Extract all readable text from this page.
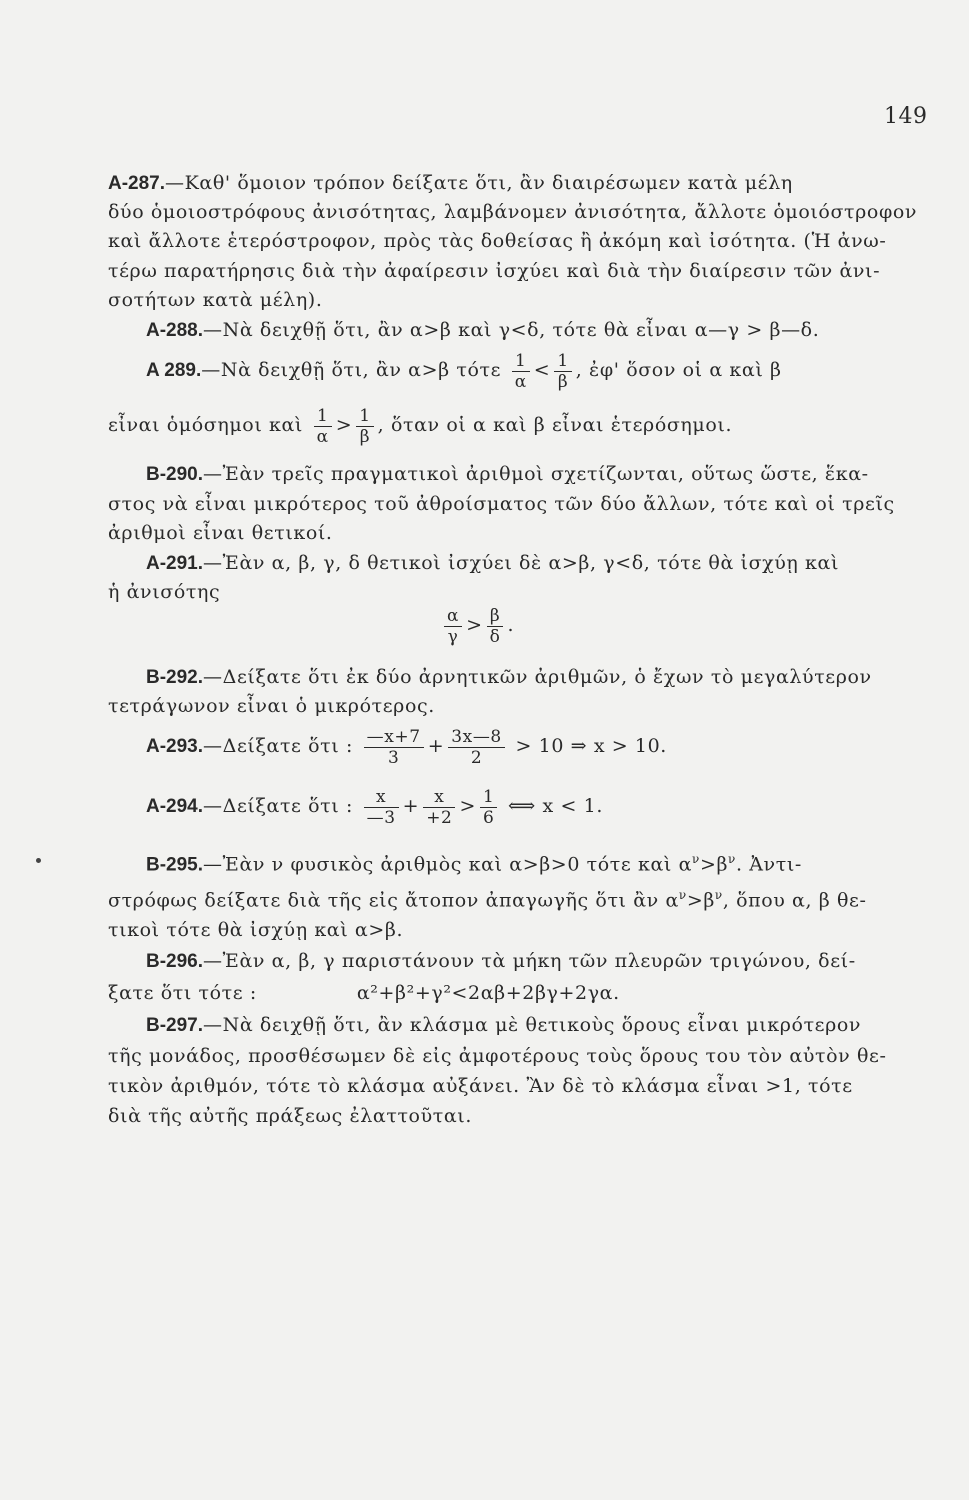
149
A-287.—Καθ' ὅμοιον τρόπον δείξατε ὅτι, ἂν διαιρέσωμεν κατὰ μέλη
δύο ὁμοιοστρόφους ἀνισότητας, λαμβάνομεν ἀνισότητα, ἄλλοτε ὁμοιόστροφον
καὶ ἄλλοτε ἑτερόστροφον, πρὸς τὰς δοθείσας ἢ ἀκόμη καὶ ἰσότητα. (Ἡ ἀνω-
τέρω παρατήρησις διὰ τὴν ἀφαίρεσιν ἰσχύει καὶ διὰ τὴν διαίρεσιν τῶν ἀνι-
σοτήτων κατὰ μέλη).
A-288.—Νὰ δειχθῇ ὅτι, ἂν α>β καὶ γ<δ, τότε θὰ εἶναι α—γ > β—δ.
A 289.—Νὰ δειχθῇ ὅτι, ἂν α>β τότε $\frac{1}{\alpha} < \frac{1}{\beta}$ , ἐφ' ὅσον οἱ α καὶ β
εἶναι ὁμόσημοι καὶ $\frac{1}{\alpha} > \frac{1}{\beta}$ , ὅταν οἱ α καὶ β εἶναι ἑτερόσημοι.
B-290.—Ἐὰν τρεῖς πραγματικοὶ ἀριθμοὶ σχετίζωνται, οὕτως ὥστε, ἕκα-
στος νὰ εἶναι μικρότερος τοῦ ἀθροίσματος τῶν δύο ἄλλων, τότε καὶ οἱ τρεῖς
ἀριθμοὶ εἶναι θετικοί.
A-291.—Ἐὰν α, β, γ, δ θετικοὶ ἰσχύει δὲ α>β, γ<δ, τότε θὰ ἰσχύῃ καὶ
ἡ ἀνισότης
$\frac{\alpha}{\gamma} > \frac{\beta}{\delta}$ .
B-292.—Δείξατε ὅτι ἐκ δύο ἀρνητικῶν ἀριθμῶν, ὁ ἔχων τὸ μεγαλύτερον
τετράγωνον εἶναι ὁ μικρότερος.
A-293.—Δείξατε ὅτι : $\frac{—x+7}{3} + \frac{3x—8}{2} > 10$ ⇒ x > 10.
A-294.—Δείξατε ὅτι : $\frac{x}{—3} + \frac{x}{+2} > \frac{1}{6}$ ⟺ x < 1.
B-295.—Ἐὰν ν φυσικὸς ἀριθμὸς καὶ α>β>0 τότε καὶ $\alpha^\nu>\beta^\nu$. Ἀντι-
στρόφως δείξατε διὰ τῆς εἰς ἄτοπον ἀπαγωγῆς ὅτι ἂν $\alpha^\nu>\beta^\nu$, ὅπου α, β θε-
τικοὶ τότε θὰ ἰσχύῃ καὶ α>β.
B-296.—Ἐὰν α, β, γ παριστάνουν τὰ μήκη τῶν πλευρῶν τριγώνου, δεί-
ξατε ὅτι τότε :	α²+β²+γ²<2αβ+2βγ+2γα.
B-297.—Νὰ δειχθῇ ὅτι, ἂν κλάσμα μὲ θετικοὺς ὅρους εἶναι μικρότερον
τῆς μονάδος, προσθέσωμεν δὲ εἰς ἀμφοτέρους τοὺς ὅρους του τὸν αὐτὸν θε-
τικὸν ἀριθμόν, τότε τὸ κλάσμα αὐξάνει. Ἂν δὲ τὸ κλάσμα εἶναι >1, τότε
διὰ τῆς αὐτῆς πράξεως ἐλαττοῦται.
